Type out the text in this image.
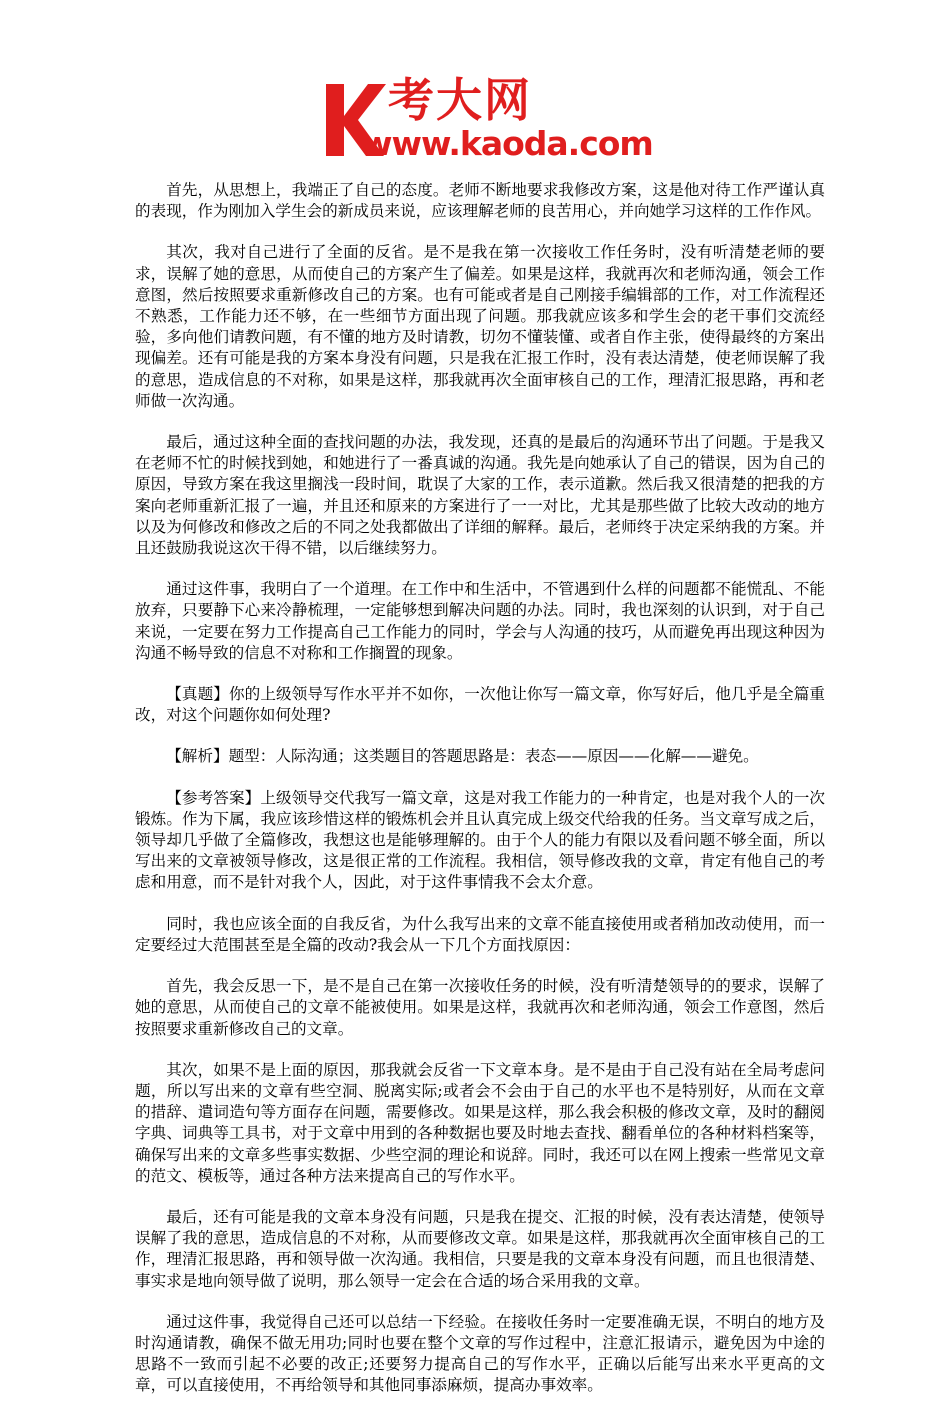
考大网
www.kaoda.com

首先，从思想上，我端正了自己的态度。老师不断地要求我修改方案，这是他对待工作严谨认真的表现，作为刚加入学生会的新成员来说，应该理解老师的良苦用心，并向她学习这样的工作作风。

其次，我对自己进行了全面的反省。是不是我在第一次接收工作任务时，没有听清楚老师的要求，误解了她的意思，从而使自己的方案产生了偏差。如果是这样，我就再次和老师沟通，领会工作意图，然后按照要求重新修改自己的方案。也有可能或者是自己刚接手编辑部的工作，对工作流程还不熟悉，工作能力还不够，在一些细节方面出现了问题。那我就应该多和学生会的老干事们交流经验，多向他们请教问题，有不懂的地方及时请教，切勿不懂装懂、或者自作主张，使得最终的方案出现偏差。还有可能是我的方案本身没有问题，只是我在汇报工作时，没有表达清楚，使老师误解了我的意思，造成信息的不对称，如果是这样，那我就再次全面审核自己的工作，理清汇报思路，再和老师做一次沟通。

最后，通过这种全面的查找问题的办法，我发现，还真的是最后的沟通环节出了问题。于是我又在老师不忙的时候找到她，和她进行了一番真诚的沟通。我先是向她承认了自己的错误，因为自己的原因，导致方案在我这里搁浅一段时间，耽误了大家的工作，表示道歉。然后我又很清楚的把我的方案向老师重新汇报了一遍，并且还和原来的方案进行了一一对比，尤其是那些做了比较大改动的地方以及为何修改和修改之后的不同之处我都做出了详细的解释。最后，老师终于决定采纳我的方案。并且还鼓励我说这次干得不错，以后继续努力。

通过这件事，我明白了一个道理。在工作中和生活中，不管遇到什么样的问题都不能慌乱、不能放弃，只要静下心来冷静梳理，一定能够想到解决问题的办法。同时，我也深刻的认识到，对于自己来说，一定要在努力工作提高自己工作能力的同时，学会与人沟通的技巧，从而避免再出现这种因为沟通不畅导致的信息不对称和工作搁置的现象。

【真题】你的上级领导写作水平并不如你，一次他让你写一篇文章，你写好后，他几乎是全篇重改，对这个问题你如何处理?

【解析】题型：人际沟通；这类题目的答题思路是：表态——原因——化解——避免。

【参考答案】上级领导交代我写一篇文章，这是对我工作能力的一种肯定，也是对我个人的一次锻炼。作为下属，我应该珍惜这样的锻炼机会并且认真完成上级交代给我的任务。当文章写成之后，领导却几乎做了全篇修改，我想这也是能够理解的。由于个人的能力有限以及看问题不够全面，所以写出来的文章被领导修改，这是很正常的工作流程。我相信，领导修改我的文章，肯定有他自己的考虑和用意，而不是针对我个人，因此，对于这件事情我不会太介意。

同时，我也应该全面的自我反省，为什么我写出来的文章不能直接使用或者稍加改动使用，而一定要经过大范围甚至是全篇的改动?我会从一下几个方面找原因：

首先，我会反思一下，是不是自己在第一次接收任务的时候，没有听清楚领导的的要求，误解了她的意思，从而使自己的文章不能被使用。如果是这样，我就再次和老师沟通，领会工作意图，然后按照要求重新修改自己的文章。

其次，如果不是上面的原因，那我就会反省一下文章本身。是不是由于自己没有站在全局考虑问题，所以写出来的文章有些空洞、脱离实际;或者会不会由于自己的水平也不是特别好，从而在文章的措辞、遣词造句等方面存在问题，需要修改。如果是这样，那么我会积极的修改文章，及时的翻阅字典、词典等工具书，对于文章中用到的各种数据也要及时地去查找、翻看单位的各种材料档案等，确保写出来的文章多些事实数据、少些空洞的理论和说辞。同时，我还可以在网上搜索一些常见文章的范文、模板等，通过各种方法来提高自己的写作水平。

最后，还有可能是我的文章本身没有问题，只是我在提交、汇报的时候，没有表达清楚，使领导误解了我的意思，造成信息的不对称，从而要修改文章。如果是这样，那我就再次全面审核自己的工作，理清汇报思路，再和领导做一次沟通。我相信，只要是我的文章本身没有问题，而且也很清楚、事实求是地向领导做了说明，那么领导一定会在合适的场合采用我的文章。

通过这件事，我觉得自己还可以总结一下经验。在接收任务时一定要准确无误，不明白的地方及时沟通请教，确保不做无用功;同时也要在整个文章的写作过程中，注意汇报请示，避免因为中途的思路不一致而引起不必要的改正;还要努力提高自己的写作水平，正确以后能写出来水平更高的文章，可以直接使用，不再给领导和其他同事添麻烦，提高办事效率。
